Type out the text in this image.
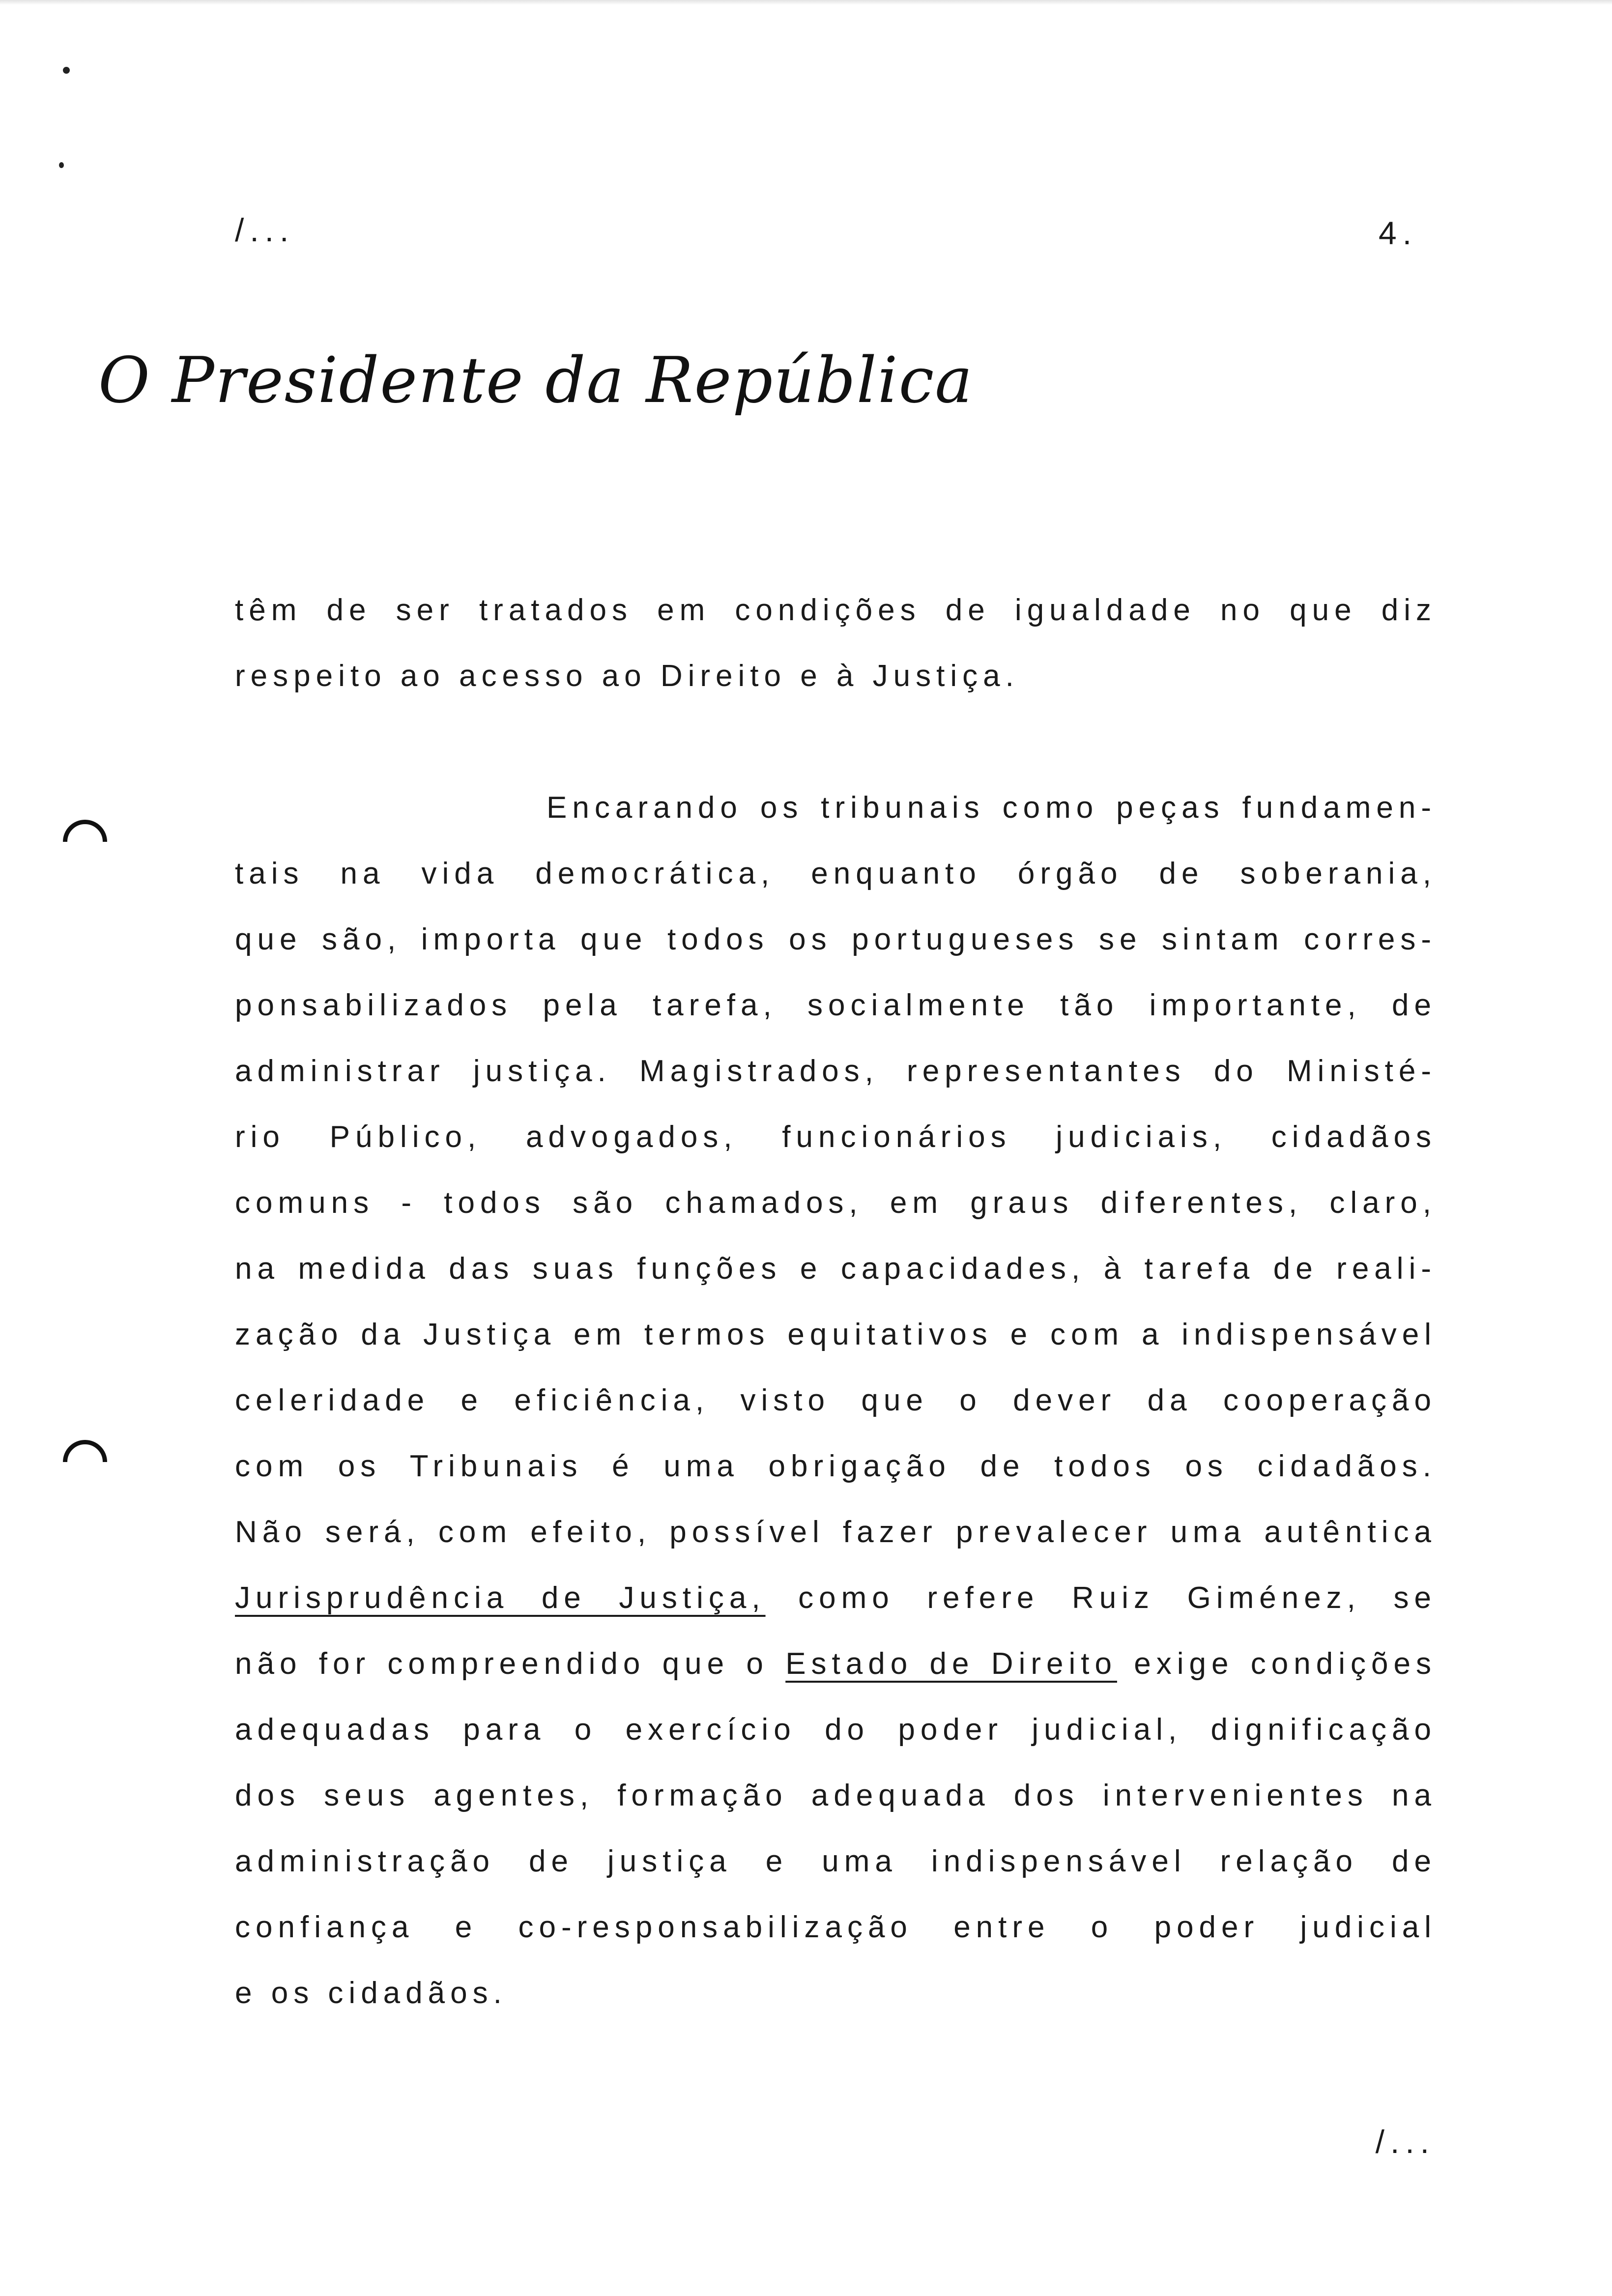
/...	4.
O Presidente da República
têm de ser tratados em condições de igualdade no que diz
respeito ao acesso ao Direito e à Justiça.
Encarando os tribunais como peças fundamen-
tais na vida democrática, enquanto órgão de soberania,
que são, importa que todos os portugueses se sintam corres-
ponsabilizados pela tarefa, socialmente tão importante, de
administrar justiça. Magistrados, representantes do Ministé-
rio Público, advogados, funcionários judiciais, cidadãos
comuns - todos são chamados, em graus diferentes, claro,
na medida das suas funções e capacidades, à tarefa de reali-
zação da Justiça em termos equitativos e com a indispensável
celeridade e eficiência, visto que o dever da cooperação
com os Tribunais é uma obrigação de todos os cidadãos.
Não será, com efeito, possível fazer prevalecer uma autêntica
Jurisprudência de Justiça, como refere Ruiz Giménez, se
não for compreendido que o Estado de Direito exige condições
adequadas para o exercício do poder judicial, dignificação
dos seus agentes, formação adequada dos intervenientes na
administração de justiça e uma indispensável relação de
confiança e co-responsabilização entre o poder judicial
e os cidadãos.
/...
